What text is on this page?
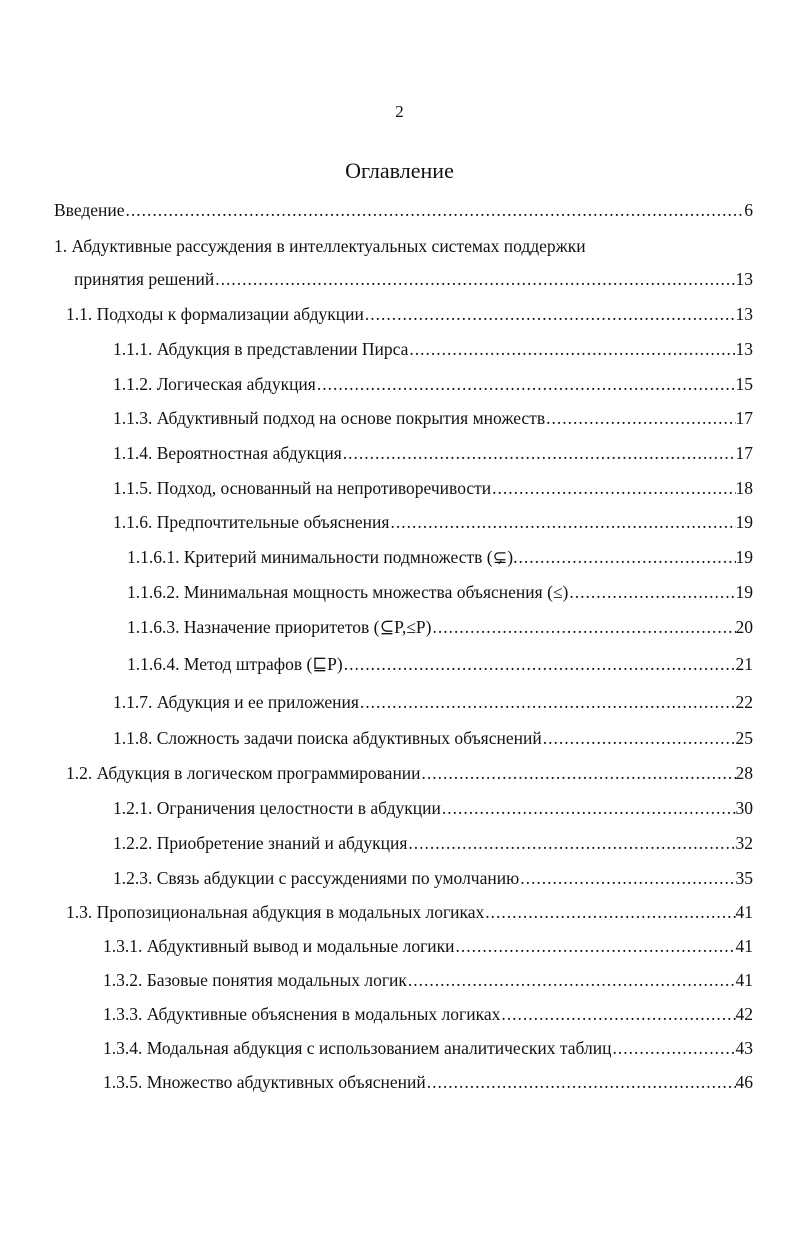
2
Оглавление
Введение .....	6
1. Абдуктивные рассуждения в интеллектуальных системах поддержки
принятия решений .....	13
1.1. Подходы к формализации абдукции .....	13
1.1.1. Абдукция в представлении Пирса .....	13
1.1.2. Логическая абдукция .....	15
1.1.3. Абдуктивный подход на основе покрытия множеств .....	17
1.1.4. Вероятностная абдукция .....	17
1.1.5. Подход, основанный на непротиворечивости .....	18
1.1.6. Предпочтительные объяснения .....	19
1.1.6.1. Критерий минимальности подмножеств (⊊). .....	19
1.1.6.2. Минимальная мощность множества объяснения (≤) .....	19
1.1.6.3. Назначение приоритетов (⊆P,≤P) .....	20
1.1.6.4. Метод штрафов (⊑P) .....	21
1.1.7. Абдукция и ее приложения .....	22
1.1.8. Сложность задачи поиска абдуктивных объяснений .....	25
1.2. Абдукция в логическом программировании .....	28
1.2.1. Ограничения целостности в абдукции .....	30
1.2.2. Приобретение знаний и абдукция .....	32
1.2.3. Связь абдукции с рассуждениями по умолчанию .....	35
1.3. Пропозициональная абдукция в модальных логиках .....	41
1.3.1. Абдуктивный вывод и модальные логики .....	41
1.3.2. Базовые понятия модальных логик .....	41
1.3.3. Абдуктивные объяснения в модальных логиках .....	42
1.3.4. Модальная абдукция с использованием аналитических таблиц .....	43
1.3.5. Множество абдуктивных объяснений .....	46
